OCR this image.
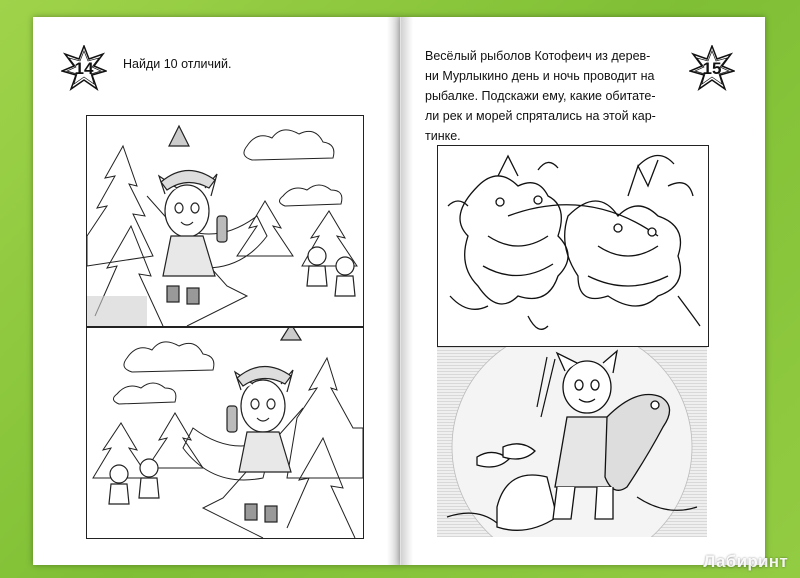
14	Найди 10 отличий.	15
Весёлый рыболов Котофеич из дерев-
ни Мурлыкино день и ночь проводит на
рыбалке. Подскажи ему, какие обитате-
ли рек и морей спрятались на этой кар-
тинке.
Лабиринт
